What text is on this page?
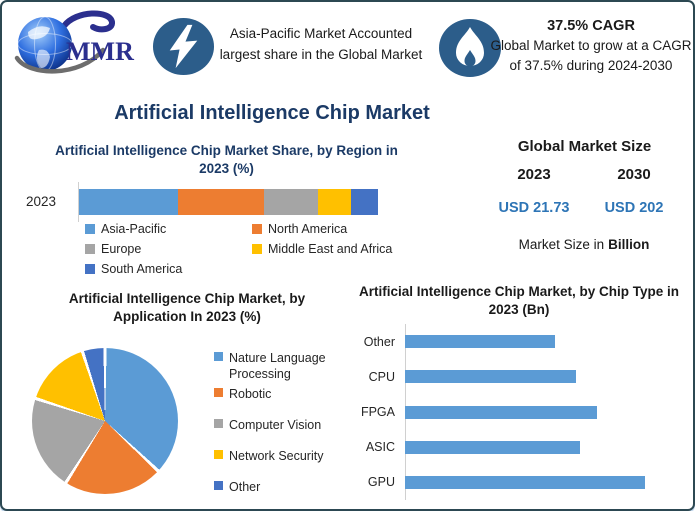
MMR
Asia-Pacific Market Accounted largest share in the Global Market
37.5% CAGR
Global Market to grow at a CAGR of 37.5% during 2024-2030
Artificial Intelligence Chip Market
Artificial Intelligence Chip Market Share, by Region in 2023 (%)
2023
Asia-Pacific	North America
Europe	Middle East and Africa
South America
Global Market Size
2023	2030
USD 21.73	USD 202
Market Size in Billion
Artificial Intelligence Chip Market, by Application In 2023 (%)
Nature Language Processing
Robotic
Computer Vision
Network Security
Other
Artificial Intelligence Chip Market, by Chip Type in 2023 (Bn)
Other
CPU
FPGA
ASIC
GPU
